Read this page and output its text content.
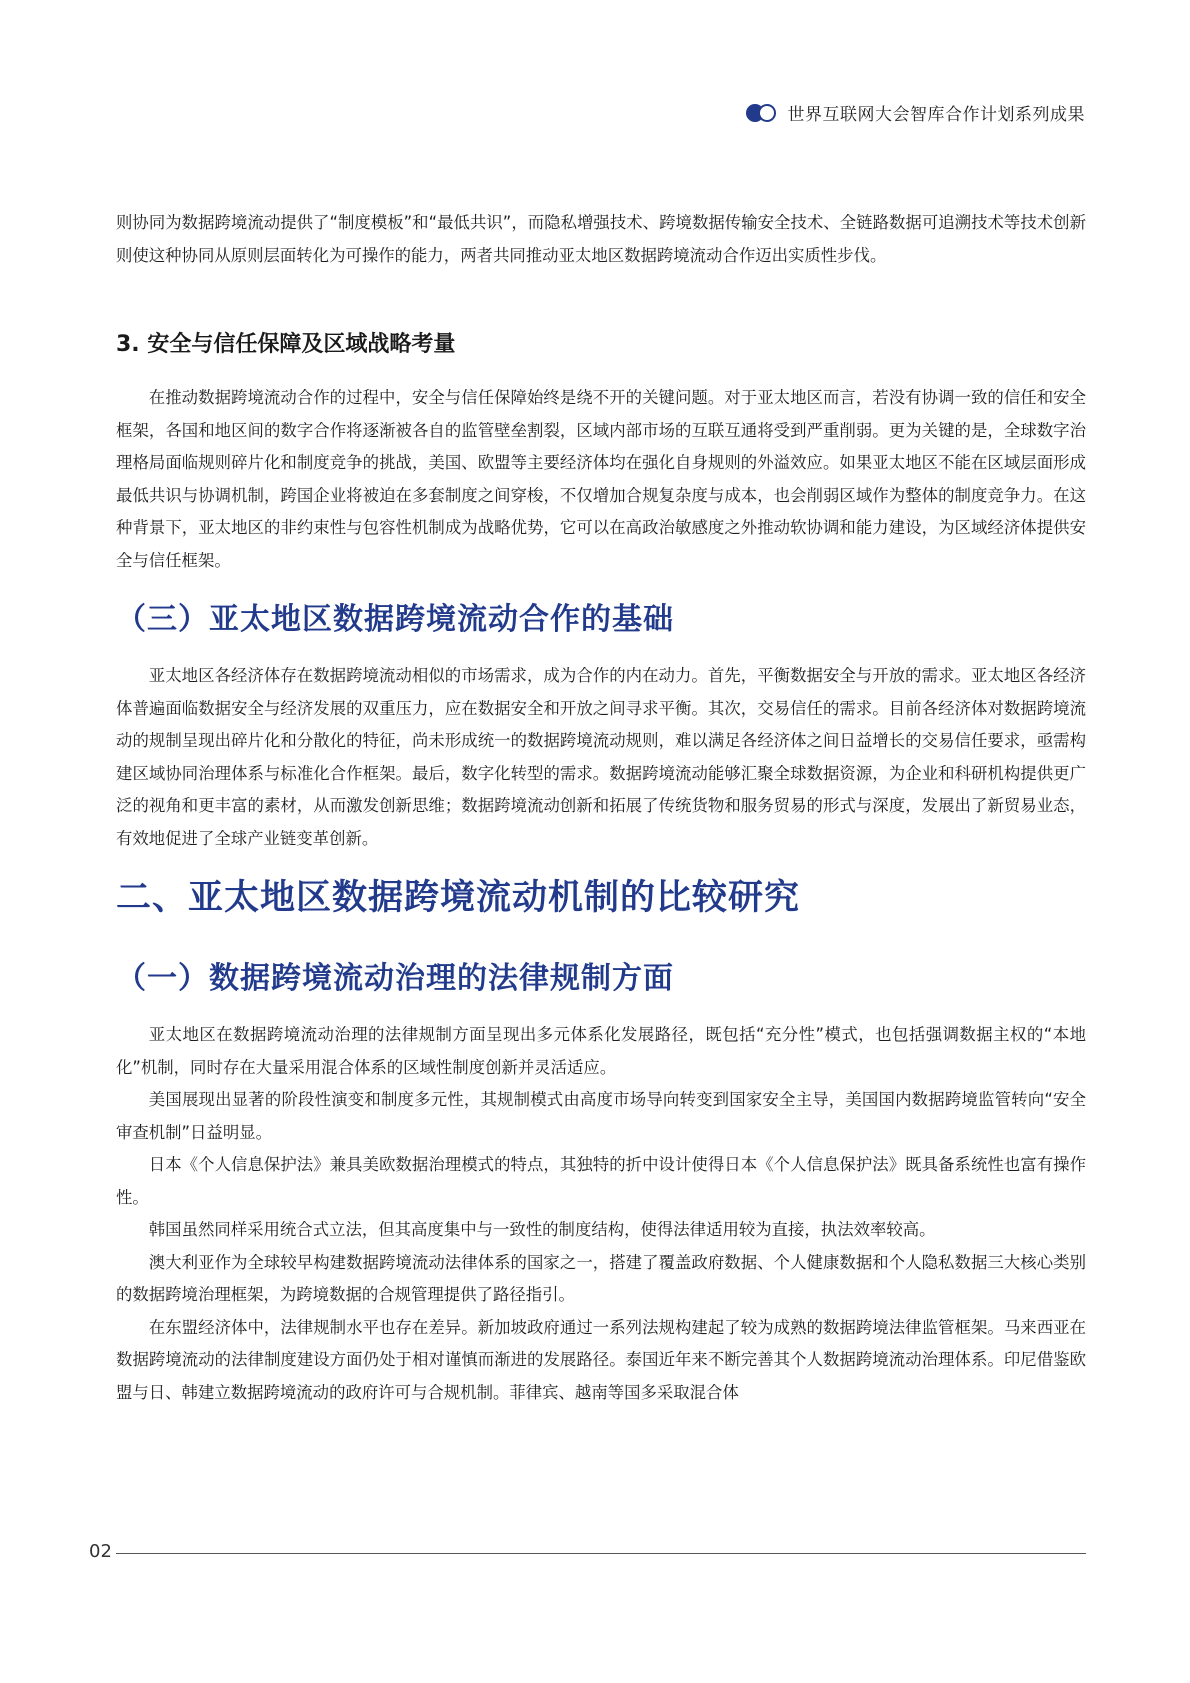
世界互联网大会智库合作计划系列成果

则协同为数据跨境流动提供了“制度模板”和“最低共识”，而隐私增强技术、跨境数据传输安全技术、全链路数据可追溯技术等技术创新则使这种协同从原则层面转化为可操作的能力，两者共同推动亚太地区数据跨境流动合作迈出实质性步伐。

3. 安全与信任保障及区域战略考量

在推动数据跨境流动合作的过程中，安全与信任保障始终是绕不开的关键问题。对于亚太地区而言，若没有协调一致的信任和安全框架，各国和地区间的数字合作将逐渐被各自的监管壁垒割裂，区域内部市场的互联互通将受到严重削弱。更为关键的是，全球数字治理格局面临规则碎片化和制度竞争的挑战，美国、欧盟等主要经济体均在强化自身规则的外溢效应。如果亚太地区不能在区域层面形成最低共识与协调机制，跨国企业将被迫在多套制度之间穿梭，不仅增加合规复杂度与成本，也会削弱区域作为整体的制度竞争力。在这种背景下，亚太地区的非约束性与包容性机制成为战略优势，它可以在高政治敏感度之外推动软协调和能力建设，为区域经济体提供安全与信任框架。

（三）亚太地区数据跨境流动合作的基础

亚太地区各经济体存在数据跨境流动相似的市场需求，成为合作的内在动力。首先，平衡数据安全与开放的需求。亚太地区各经济体普遍面临数据安全与经济发展的双重压力，应在数据安全和开放之间寻求平衡。其次，交易信任的需求。目前各经济体对数据跨境流动的规制呈现出碎片化和分散化的特征，尚未形成统一的数据跨境流动规则，难以满足各经济体之间日益增长的交易信任要求，亟需构建区域协同治理体系与标准化合作框架。最后，数字化转型的需求。数据跨境流动能够汇聚全球数据资源，为企业和科研机构提供更广泛的视角和更丰富的素材，从而激发创新思维；数据跨境流动创新和拓展了传统货物和服务贸易的形式与深度，发展出了新贸易业态，有效地促进了全球产业链变革创新。

二、亚太地区数据跨境流动机制的比较研究
（一）数据跨境流动治理的法律规制方面

亚太地区在数据跨境流动治理的法律规制方面呈现出多元体系化发展路径，既包括“充分性”模式，也包括强调数据主权的“本地化”机制，同时存在大量采用混合体系的区域性制度创新并灵活适应。

美国展现出显著的阶段性演变和制度多元性，其规制模式由高度市场导向转变到国家安全主导，美国国内数据跨境监管转向“安全审查机制”日益明显。

日本《个人信息保护法》兼具美欧数据治理模式的特点，其独特的折中设计使得日本《个人信息保护法》既具备系统性也富有操作性。

韩国虽然同样采用统合式立法，但其高度集中与一致性的制度结构，使得法律适用较为直接，执法效率较高。

澳大利亚作为全球较早构建数据跨境流动法律体系的国家之一，搭建了覆盖政府数据、个人健康数据和个人隐私数据三大核心类别的数据跨境治理框架，为跨境数据的合规管理提供了路径指引。

在东盟经济体中，法律规制水平也存在差异。新加坡政府通过一系列法规构建起了较为成熟的数据跨境法律监管框架。马来西亚在数据跨境流动的法律制度建设方面仍处于相对谨慎而渐进的发展路径。泰国近年来不断完善其个人数据跨境流动治理体系。印尼借鉴欧盟与日、韩建立数据跨境流动的政府许可与合规机制。菲律宾、越南等国多采取混合体

02
